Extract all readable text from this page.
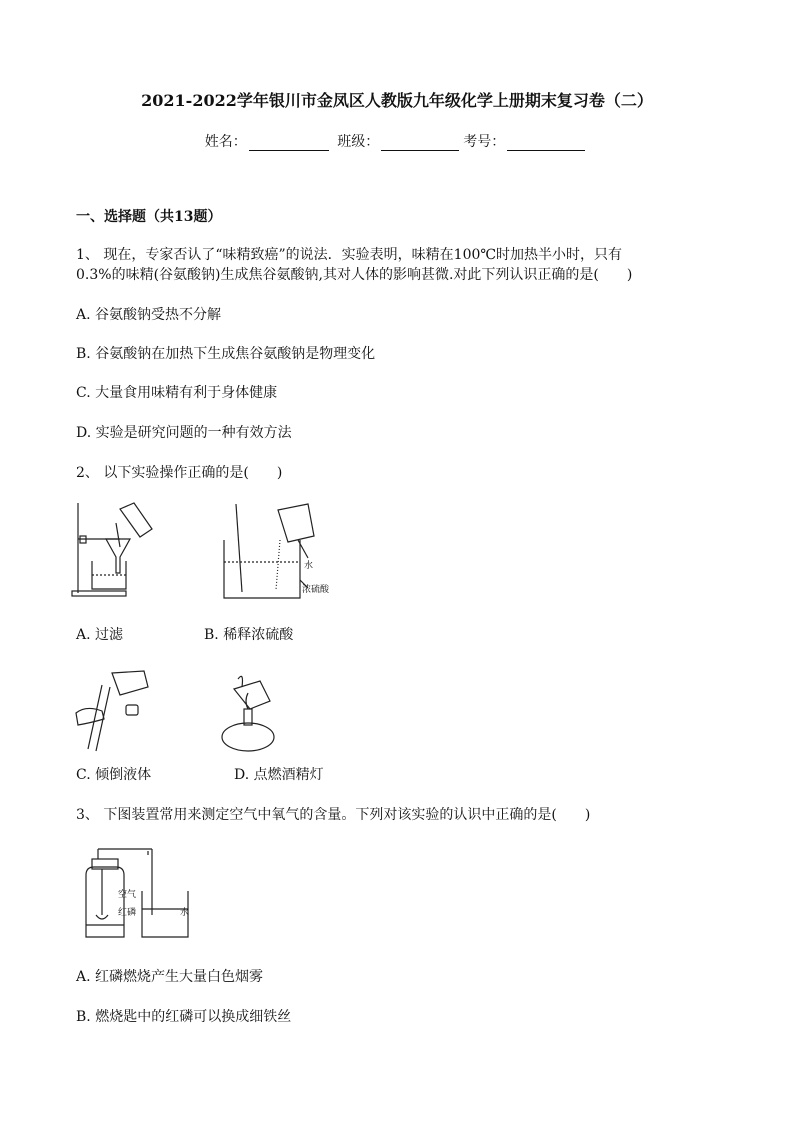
2021-2022学年银川市金凤区人教版九年级化学上册期末复习卷（二）
姓名：	班级：	考号：
一、选择题（共13题）
1、 现在，专家否认了“味精致癌”的说法．实验表明，味精在100℃时加热半小时，只有
0.3%的味精(谷氨酸钠)生成焦谷氨酸钠,其对人体的影响甚微.对此下列认识正确的是(　　)
A. 谷氨酸钠受热不分解
B. 谷氨酸钠在加热下生成焦谷氨酸钠是物理变化
C. 大量食用味精有利于身体健康
D. 实验是研究问题的一种有效方法
2、 以下实验操作正确的是(　　)
水
浓硫酸
A. 过滤	B. 稀释浓硫酸
C. 倾倒液体	D. 点燃酒精灯
3、 下图装置常用来测定空气中氧气的含量。下列对该实验的认识中正确的是(　　)
空气
红磷	水
A. 红磷燃烧产生大量白色烟雾
B. 燃烧匙中的红磷可以换成细铁丝
